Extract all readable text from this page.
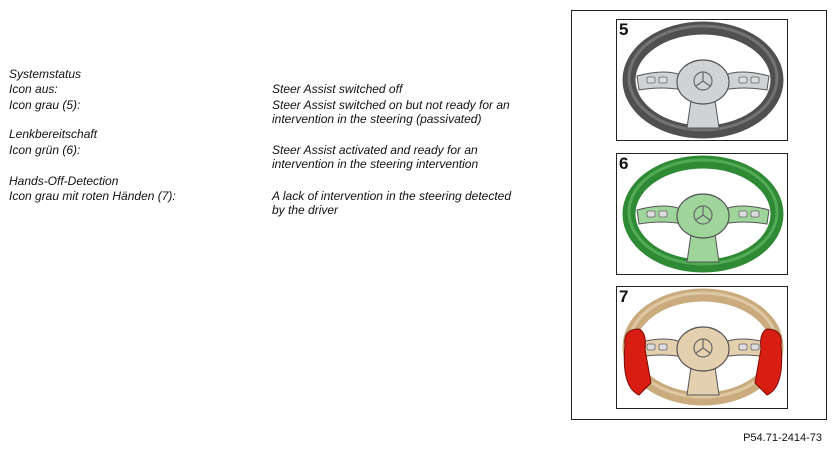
Systemstatus
Icon aus:
Icon grau (5):
Lenkbereitschaft
Icon grün (6):
Hands-Off-Detection
Icon grau mit roten Händen (7):
Steer Assist switched off
Steer Assist switched on but not ready for an
intervention in the steering (passivated)
Steer Assist activated and ready for an
intervention in the steering intervention
A lack of intervention in the steering detected
by the driver
5
6
7
P54.71-2414-73
